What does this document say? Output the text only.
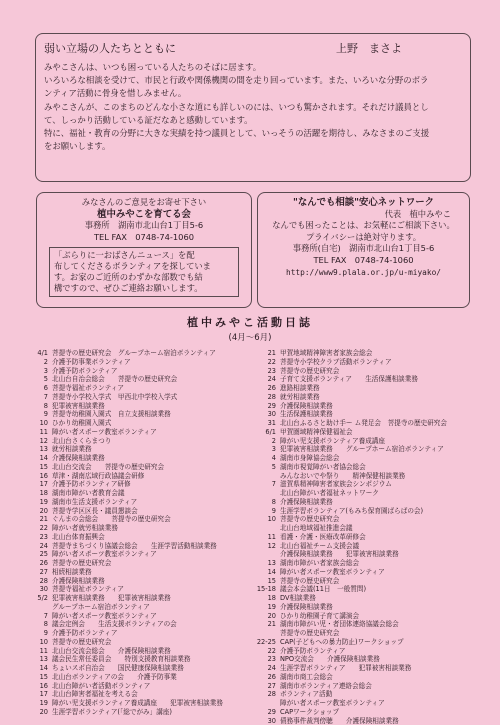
弱い立場の人たちとともに	上野　まさよ
みやこさんは、いつも困っている人たちのそばに居ます。
いろいろな相談を受けて、市民と行政や関係機関の間を走り回っています。また、いろいな分野のボラ
ンティア活動に骨身を惜しみません。
みやこさんが、このまちのどんな小さな道にも詳しいのには、いつも驚かされます。それだけ議員とし
て、しっかり活動している証だなあと感動しています。
特に、福祉・教育の分野に大きな実績を持つ議員として、いっそうの活躍を期待し、みなさまのご支援
をお願いします。
みなさんのご意見をお寄せ下さい
植中みやこを育てる会
事務所　湖南市北山台1丁目5-6
TEL FAX　0748-74-1060
「ぶらりに一おばさんニュース」を配
布してくださるボランティアを探していま
す。お家のご近所のわずかな部数でも結
構ですので、ぜひご連絡お願いします。
"なんでも相談"安心ネットワーク
代表　植中みやこ
なんでも困ったことは、お気軽にご相談下さい。
プライバシーは絶対守ります。
事務所(自宅)　湖南市北山台1丁目5-6
TEL FAX　0748-74-1060
http://www9.plala.or.jp/u-miyako/
植中みやこ活動日誌
(4月〜6月)
4/1 菩提寺の歴史研究会　グループホーム宿泊ボランティア
2 介護予防事業ボランティア
3 介護予防ボランティア
5 北山台自治会総会　　菩提寺の歴史研究会
6 菩提寺福祉ボランティア
7 菩提寺小学校入学式　甲西北中学校入学式
8 犯罪被害相談業務
9 菩提寺幼稚園入園式　自立支援相談業務
10 ひかり幼稚園入園式
11 障がい者スポーツ教室ボランティア
12 北山台さくらまつり
13 就労相談業務
14 介護保険相談業務
15 北山台交流会　　菩提寺の歴史研究会
16 草津・湖南広域行政協議会研修
17 介護予防ボランティア研修
18 湖南市障がい者教育会議
19 湖南市生活支援ボランティア
20 菩提寺学区区長・議員懇談会
21 ぐんまの会総会　　菩提寺の歴史研究会
22 障がい者就労相談業務
23 北山台体育振興会
24 菩提寺まちづくり協議会総会　　生涯学習活動相談業務
25 障がい者スポーツ教室ボランティア
26 菩提寺の歴史研究会
27 相続相談業務
28 介護保険相談業務
30 菩提寺福祉ボランティア
5/2 犯罪被害相談業務　　犯罪被害相談業務
グループホーム宿泊ボランティア
7 障がい者スポーツ教室ボランティア
8 議会定例会　　生活支援ボランティアの会
9 介護予防ボランティア
10 菩提寺の歴史研究会
11 北山台交流会総会　　介護保険相談業務
13 議会民生常任委員会　　特別支援教育相談業務
14 ちょいスポ自治会　　国民健康保険相談業務
15 北山台ボランティアの会　　介護予防事業
16 北山台障がい者活動ボランティア
17 北山台障害者福祉を考える会
19 障がい児支援ボランティア養成講座　　犯罪被害相談業務
20 生涯学習ボランティア(「総でがみ」講座)
21 甲賀地域精神障害者家族会総会
22 菩提寺小学校クラブ活動ボランティア
23 菩提寺の歴史研究会
24 子育て支援ボランティア　　生活保護相談業務
26 進路相談業務
28 就労相談業務
29 介護保険相談業務
30 生活保護相談業務
31 北山台ふるさと助け手ー ム発足会　菩提寺の歴史研究会
6/1 甲賀圏域精神保健福祉会
2 障がい児支援ボランティア養成講座
3 犯罪被害相談業務　　グループホーム宿泊ボランティア
4 湖南市身障協会総会
5 湖南市視覚障がい者協会総会
みんなおいでや祭り　　精神保健相談業務
7 滋賀県精神障害者家族会シンポジウム
北山台障がい者福祉ネットワーク
8 介護保険相談業務
9 生涯学習ボランティア(もみち保育園ばらばの会)
10 菩提寺の歴史研究会
北山台地域福祉推進会議
11 看護・介護・医療改革研修会
12 北山台福祉チーム支援会議
介護保険相談業務　　犯罪被害相談業務
13 湖南市障がい者家族会総会
14 障がい者スポーツ教室ボランティア
15 菩提寺の歴史研究会
15-18 議会本会議(11日　一般質問)
18 DV相談業務
19 介護保険相談業務
20 ひかり幼稚園子育て講演会
21 湖南市障がい児・者団体連絡協議会総会
菩提寺の歴史研究会
22-25 CAP(子どもへの暴力防止)ワークショップ
22 介護予防ボランティア
23 NPO交流会　　介護保険相談業務
24 生涯学習ボランティア　　犯罪被害相談業務
26 湖南市商工会総会
27 湖南市ボランティア連絡会総会
28 ボランティア活動
障がい者スポーツ教室ボランティア
29 CAPワークショップ
30 債務事件裁判傍聴　　介護保険相談業務
